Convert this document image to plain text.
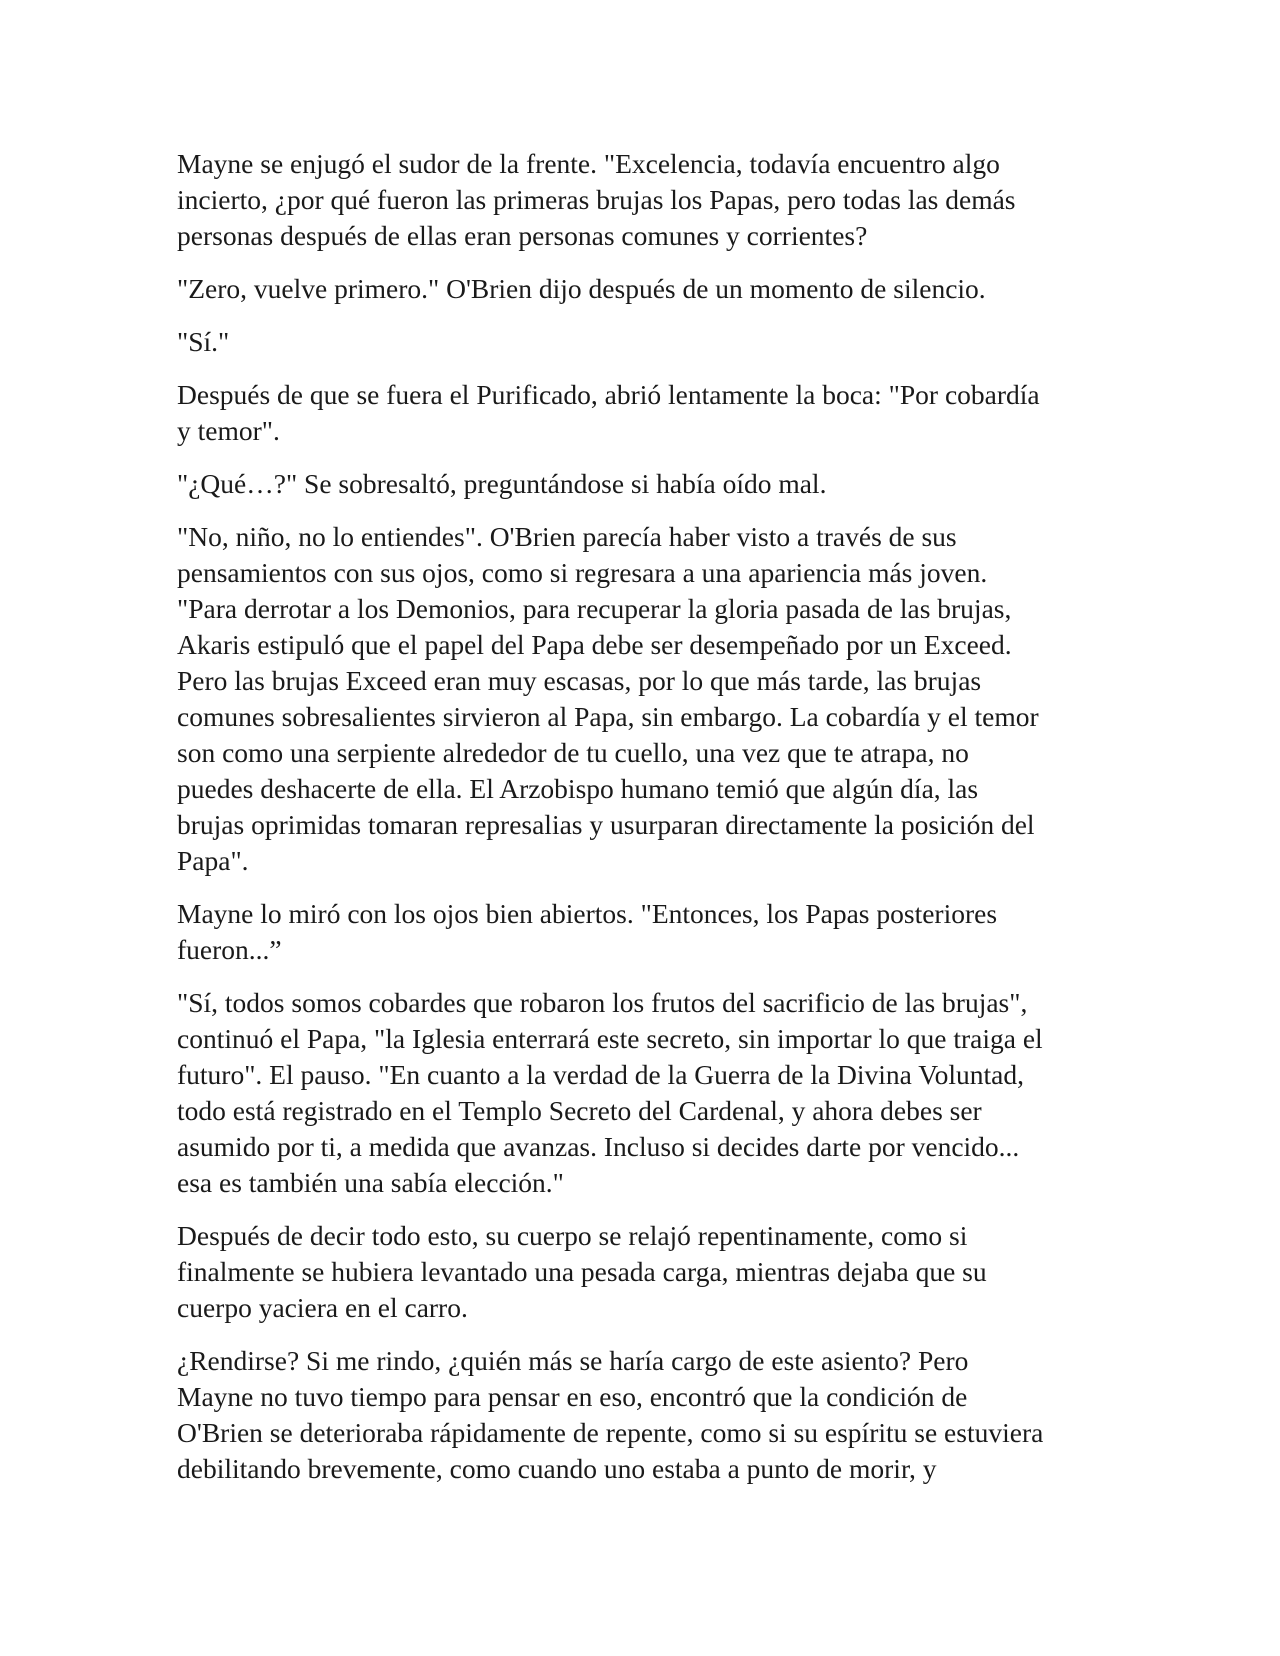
Mayne se enjugó el sudor de la frente. "Excelencia, todavía encuentro algo
incierto, ¿por qué fueron las primeras brujas los Papas, pero todas las demás
personas después de ellas eran personas comunes y corrientes?

"Zero, vuelve primero." O'Brien dijo después de un momento de silencio.

"Sí."

Después de que se fuera el Purificado, abrió lentamente la boca: "Por cobardía
y temor".

"¿Qué…?" Se sobresaltó, preguntándose si había oído mal.

"No, niño, no lo entiendes". O'Brien parecía haber visto a través de sus
pensamientos con sus ojos, como si regresara a una apariencia más joven.
"Para derrotar a los Demonios, para recuperar la gloria pasada de las brujas,
Akaris estipuló que el papel del Papa debe ser desempeñado por un Exceed.
Pero las brujas Exceed eran muy escasas, por lo que más tarde, las brujas
comunes sobresalientes sirvieron al Papa, sin embargo. La cobardía y el temor
son como una serpiente alrededor de tu cuello, una vez que te atrapa, no
puedes deshacerte de ella. El Arzobispo humano temió que algún día, las
brujas oprimidas tomaran represalias y usurparan directamente la posición del
Papa".

Mayne lo miró con los ojos bien abiertos. "Entonces, los Papas posteriores
fueron...”

"Sí, todos somos cobardes que robaron los frutos del sacrificio de las brujas",
continuó el Papa, "la Iglesia enterrará este secreto, sin importar lo que traiga el
futuro". El pauso. "En cuanto a la verdad de la Guerra de la Divina Voluntad,
todo está registrado en el Templo Secreto del Cardenal, y ahora debes ser
asumido por ti, a medida que avanzas. Incluso si decides darte por vencido...
esa es también una sabía elección."

Después de decir todo esto, su cuerpo se relajó repentinamente, como si
finalmente se hubiera levantado una pesada carga, mientras dejaba que su
cuerpo yaciera en el carro.

¿Rendirse? Si me rindo, ¿quién más se haría cargo de este asiento? Pero
Mayne no tuvo tiempo para pensar en eso, encontró que la condición de
O'Brien se deterioraba rápidamente de repente, como si su espíritu se estuviera
debilitando brevemente, como cuando uno estaba a punto de morir, y
